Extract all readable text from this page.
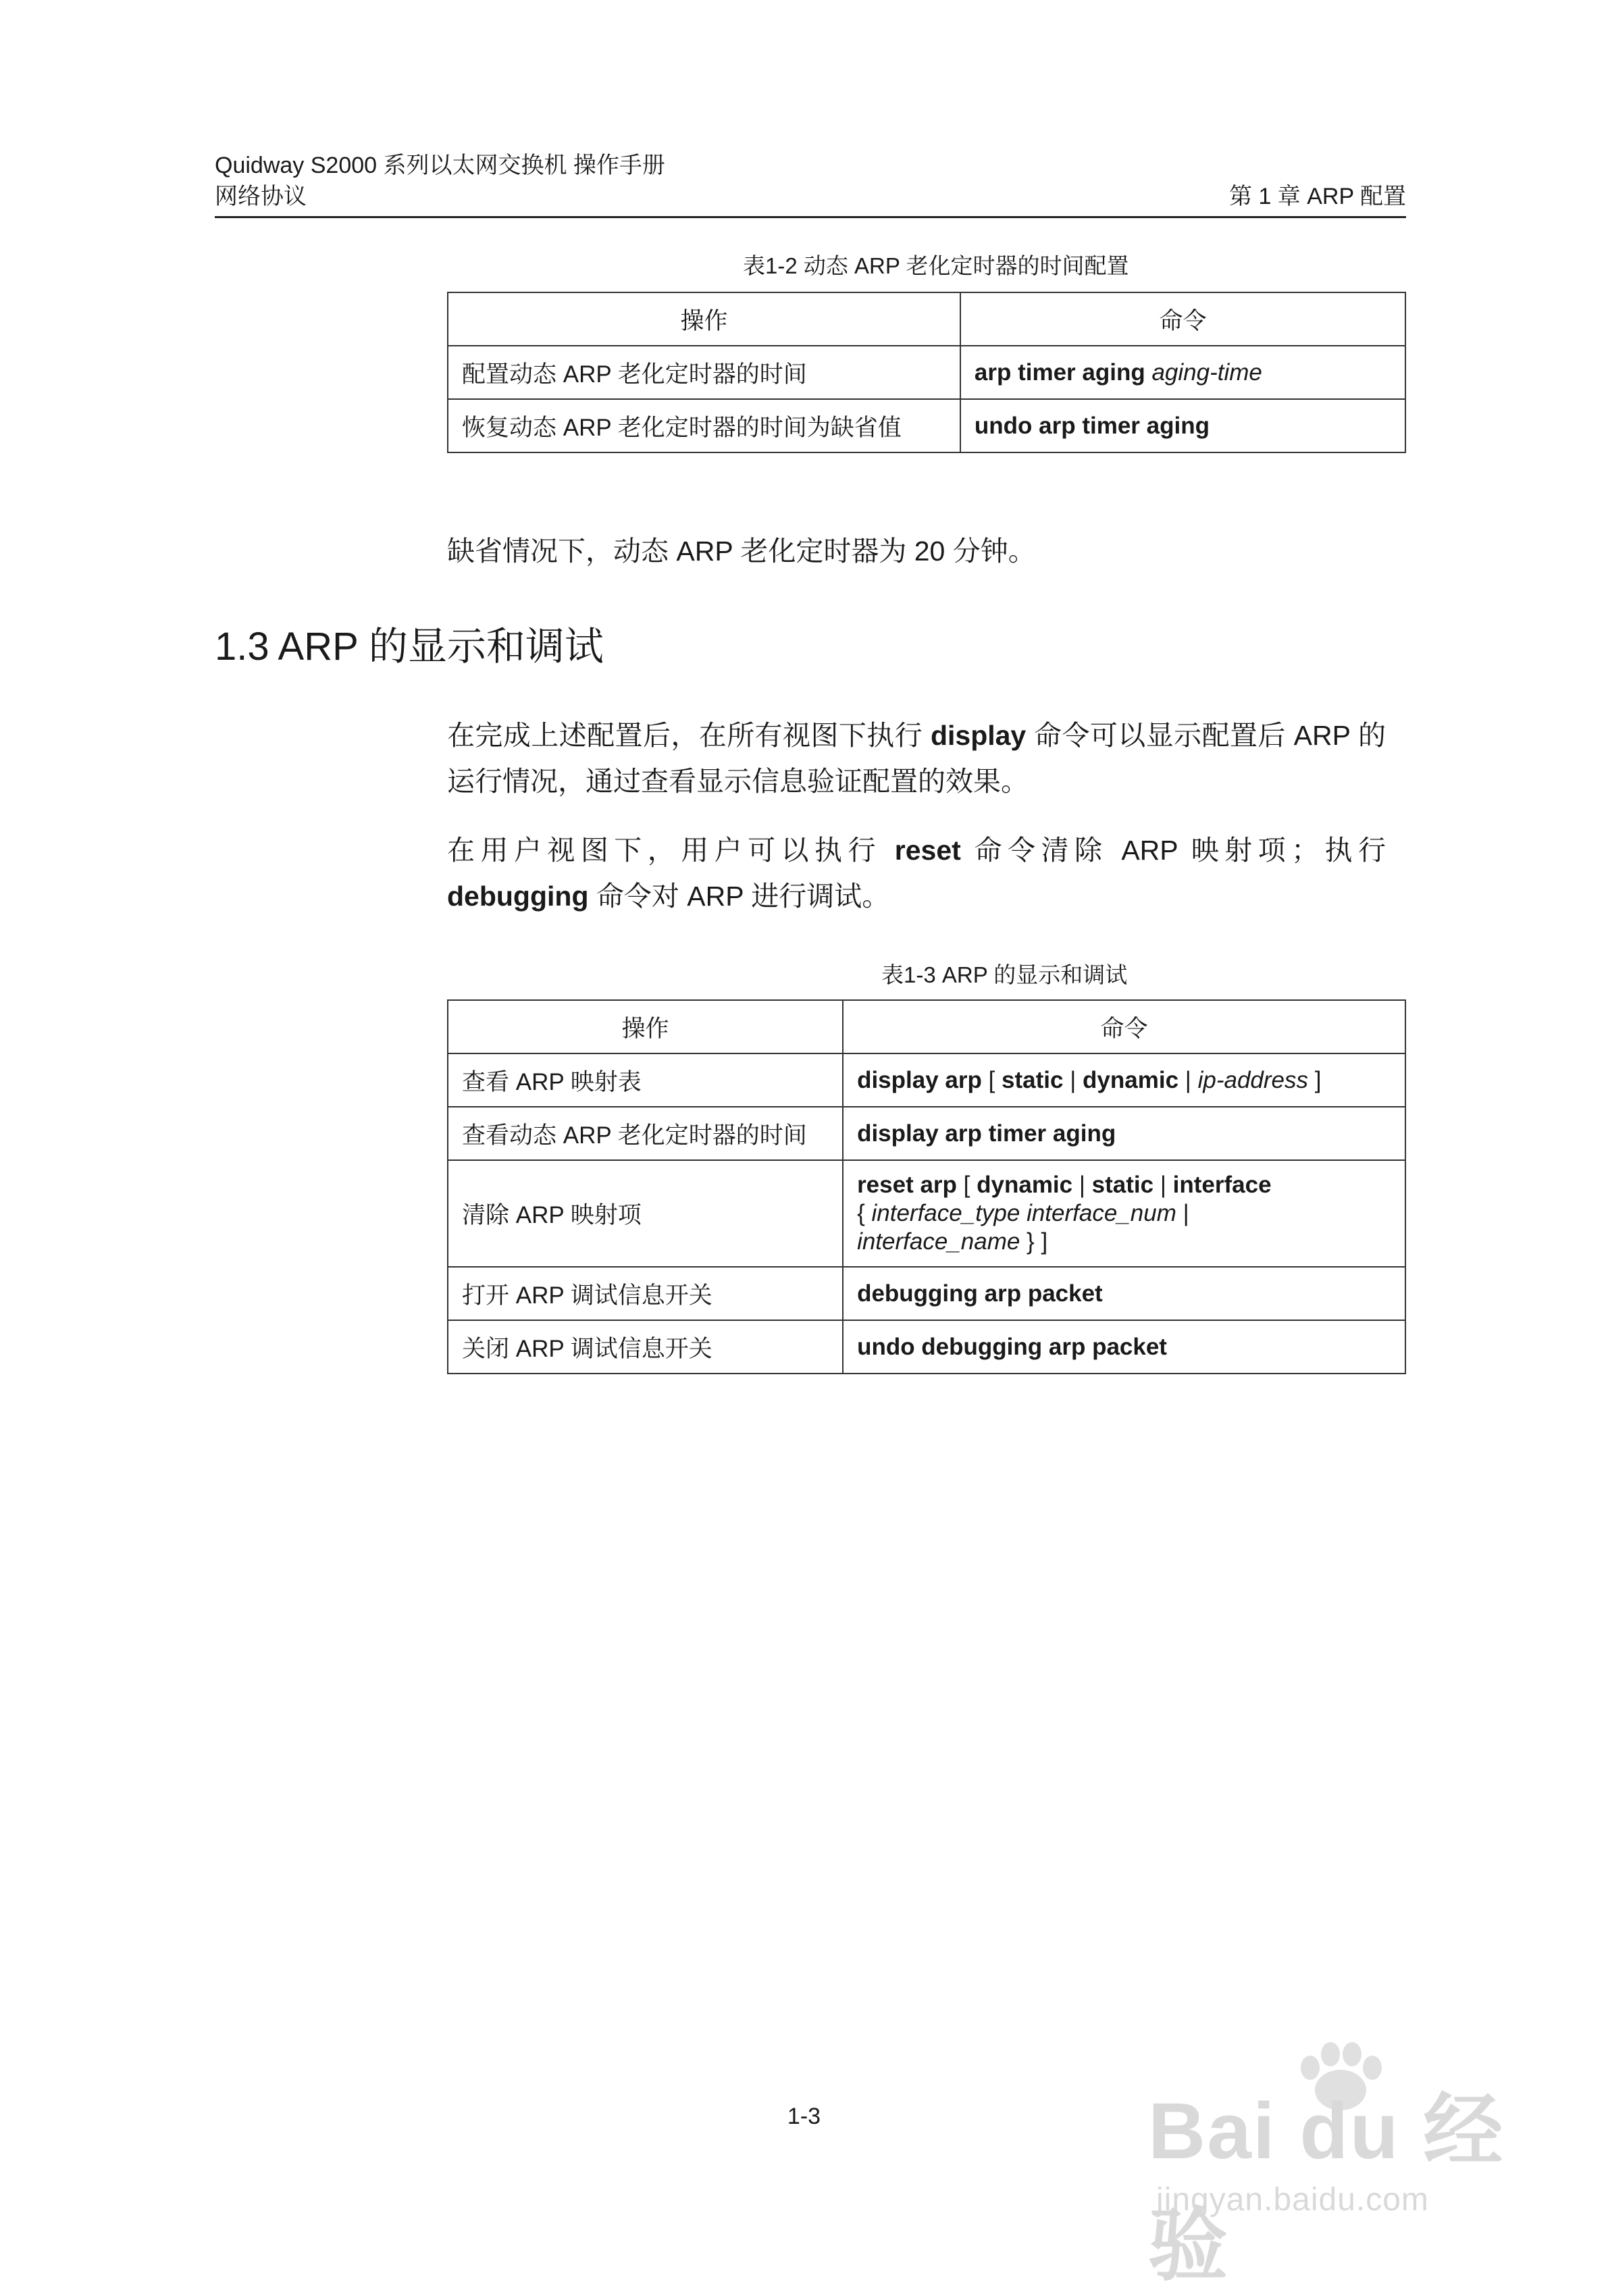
Quidway S2000 系列以太网交换机 操作手册
网络协议	第 1 章 ARP 配置
表1-2 动态 ARP 老化定时器的时间配置
操作	命令
配置动态 ARP 老化定时器的时间	arp timer aging aging-time
恢复动态 ARP 老化定时器的时间为缺省值	undo arp timer aging
缺省情况下，动态 ARP 老化定时器为 20 分钟。
1.3 ARP 的显示和调试
在完成上述配置后，在所有视图下执行 display 命令可以显示配置后 ARP 的运行情况，通过查看显示信息验证配置的效果。
在用户视图下，用户可以执行 reset 命令清除 ARP 映射项；执行 debugging 命令对 ARP 进行调试。
表1-3 ARP 的显示和调试
操作	命令
查看 ARP 映射表	display arp [ static | dynamic | ip-address ]
查看动态 ARP 老化定时器的时间	display arp timer aging
清除 ARP 映射项	reset arp [ dynamic | static | interface
{ interface_type interface_num |
interface_name } ]

打开 ARP 调试信息开关	debugging arp packet
关闭 ARP 调试信息开关	undo debugging arp packet
1-3	Bai du 经验
jingyan.baidu.com
